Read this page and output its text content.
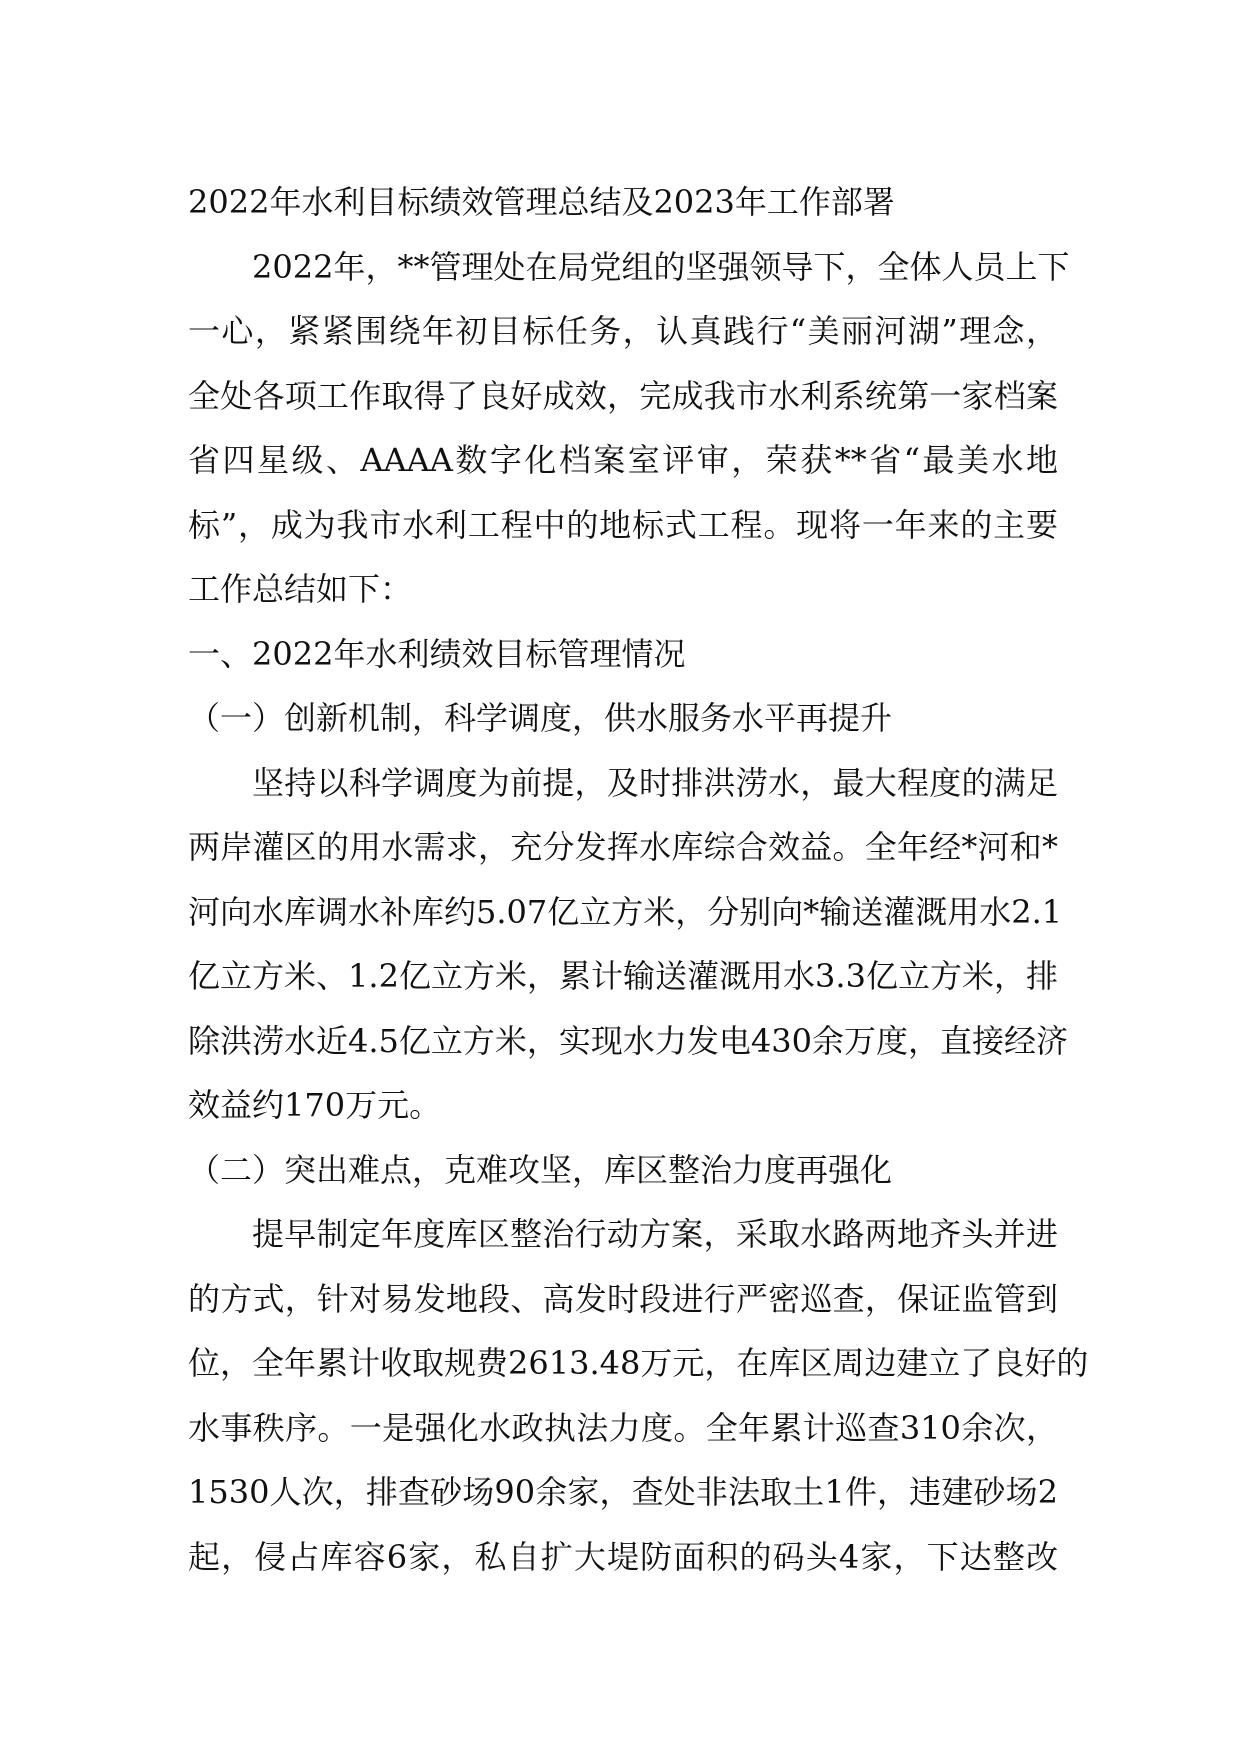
2022年水利目标绩效管理总结及2023年工作部署

2022年，**管理处在局党组的坚强领导下，全体人员上下
一心，紧紧围绕年初目标任务，认真践行“美丽河湖”理念，
全处各项工作取得了良好成效，完成我市水利系统第一家档案
省四星级、AAAA数字化档案室评审，荣获**省“最美水地
标”，成为我市水利工程中的地标式工程。现将一年来的主要
工作总结如下：

一、2022年水利绩效目标管理情况

（一）创新机制，科学调度，供水服务水平再提升

坚持以科学调度为前提，及时排洪涝水，最大程度的满足
两岸灌区的用水需求，充分发挥水库综合效益。全年经*河和*
河向水库调水补库约5.07亿立方米，分别向*输送灌溉用水2.1
亿立方米、1.2亿立方米，累计输送灌溉用水3.3亿立方米，排
除洪涝水近4.5亿立方米，实现水力发电430余万度，直接经济
效益约170万元。

（二）突出难点，克难攻坚，库区整治力度再强化

提早制定年度库区整治行动方案，采取水路两地齐头并进
的方式，针对易发地段、高发时段进行严密巡查，保证监管到
位，全年累计收取规费2613.48万元，在库区周边建立了良好的
水事秩序。一是强化水政执法力度。全年累计巡查310余次，
1530人次，排查砂场90余家，查处非法取土1件，违建砂场2
起，侵占库容6家，私自扩大堤防面积的码头4家，下达整改
